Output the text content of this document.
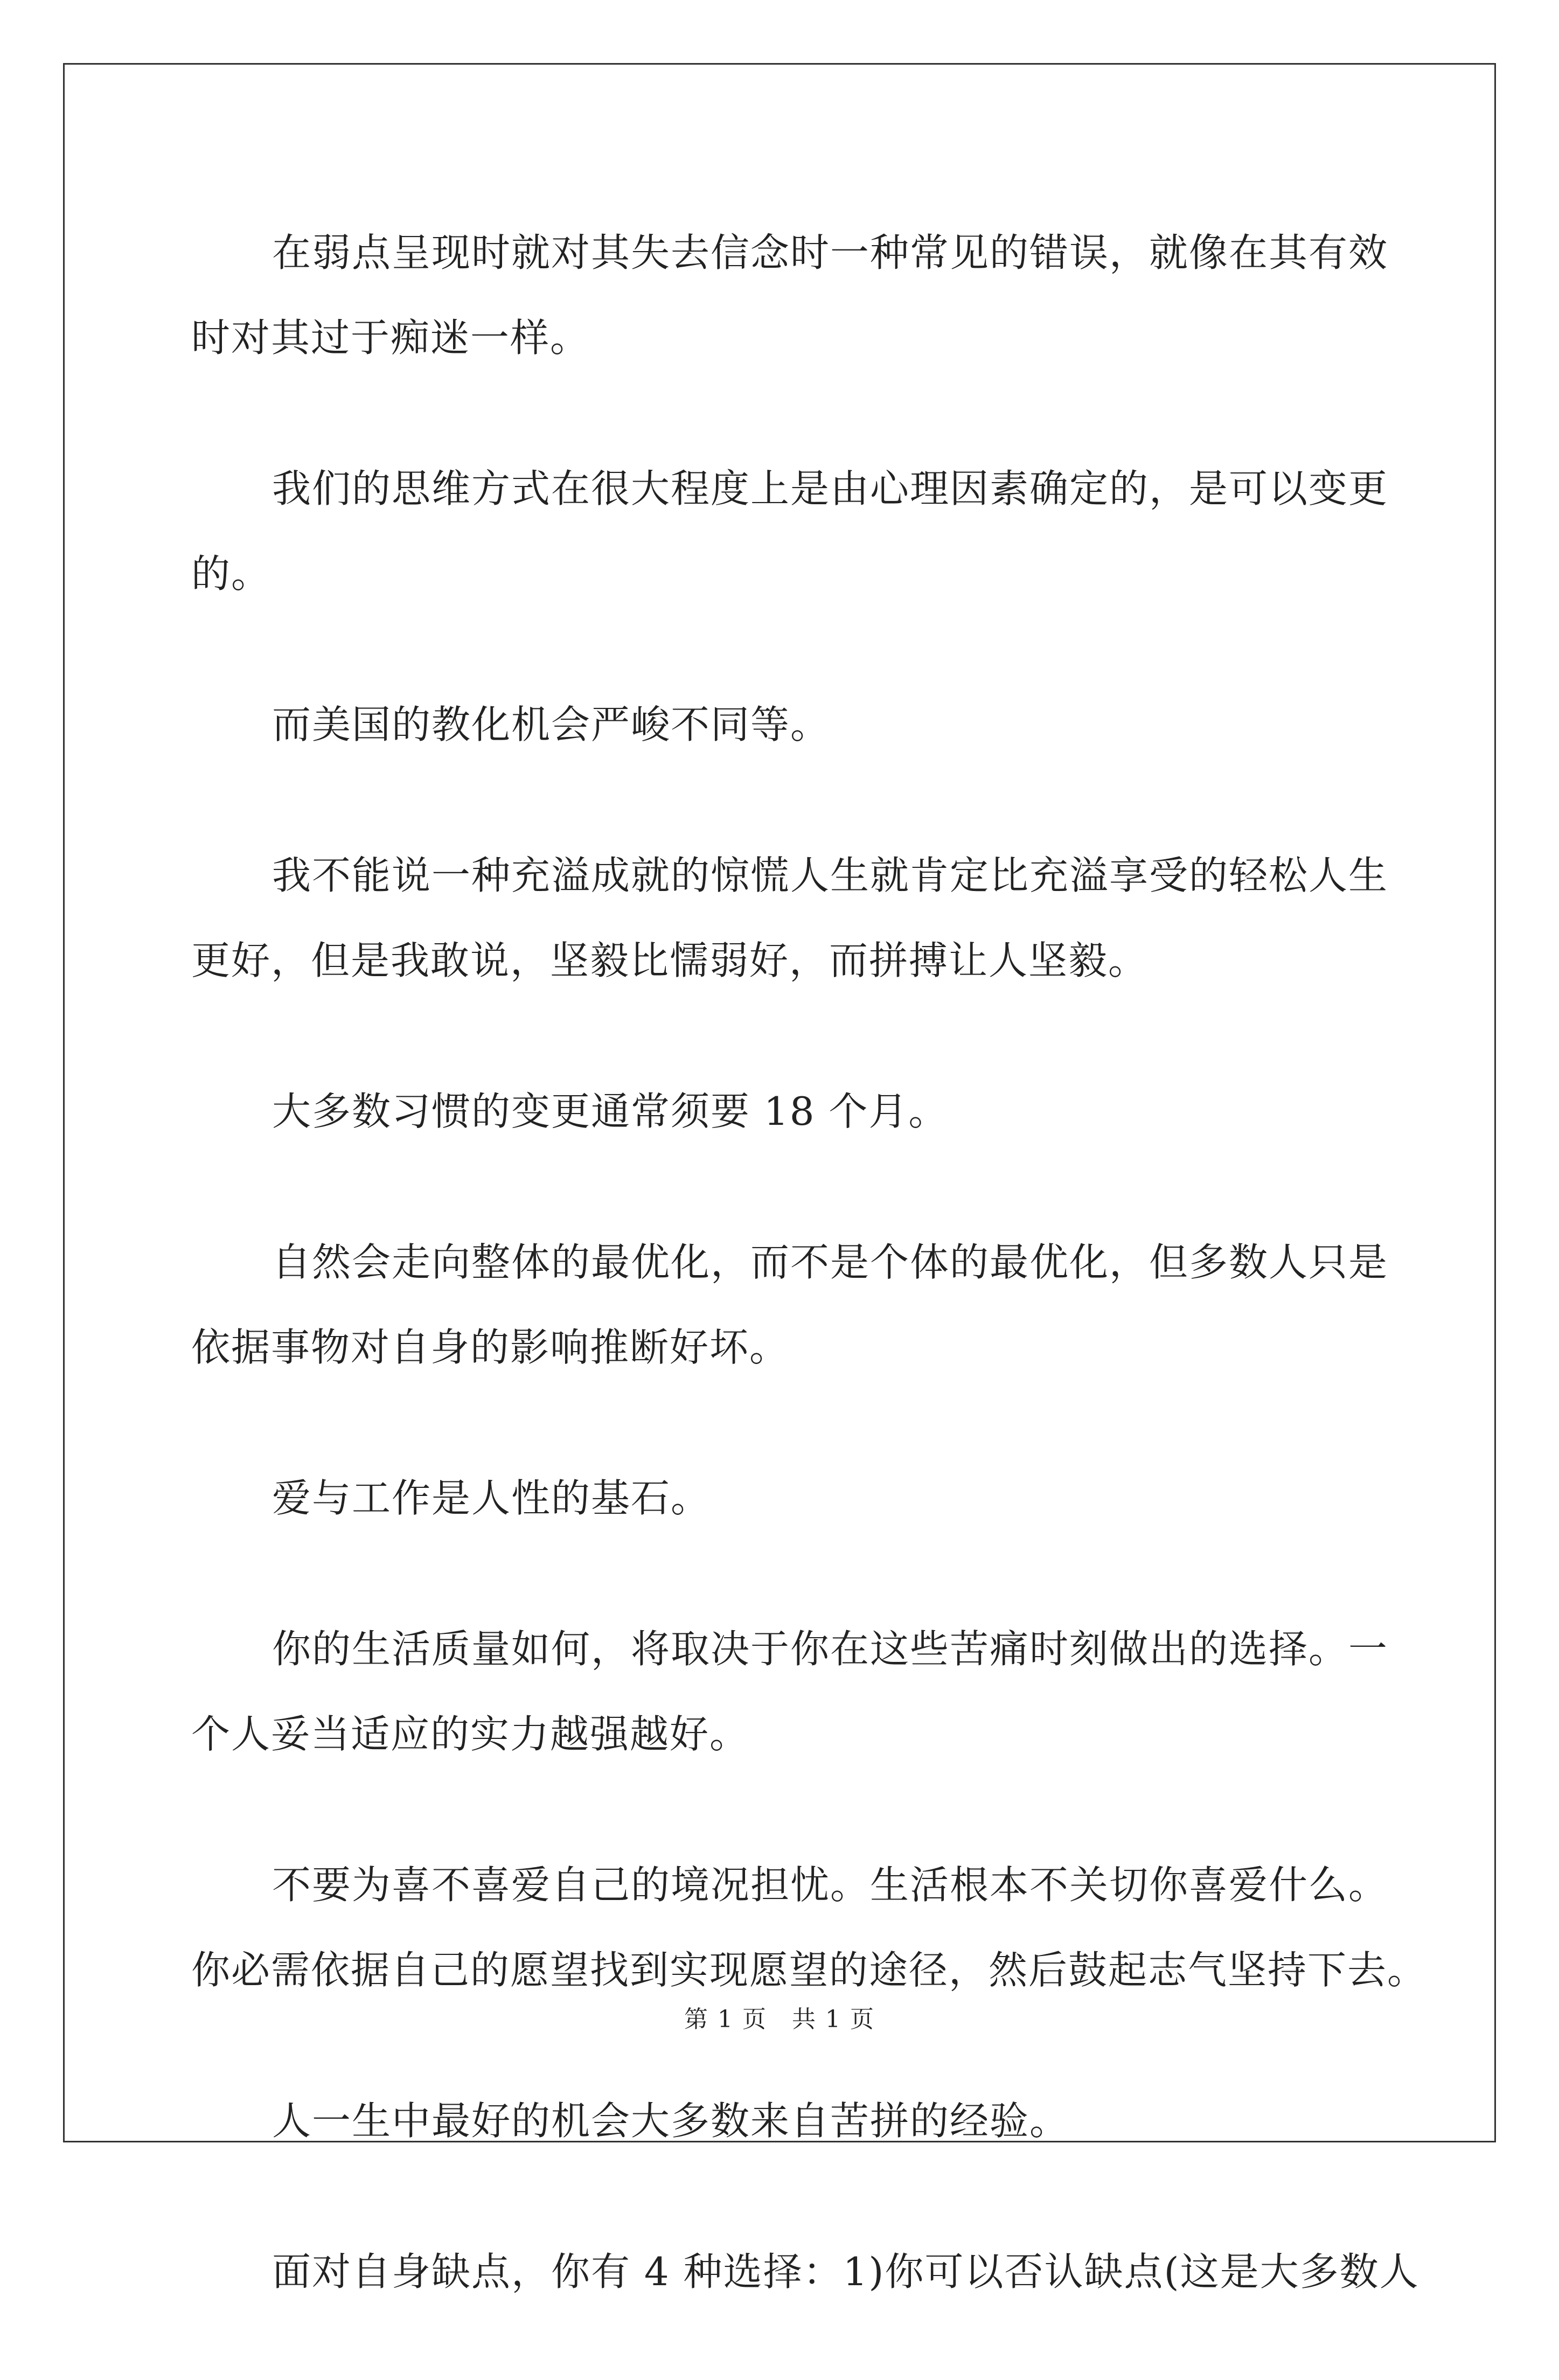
在弱点呈现时就对其失去信念时一种常见的错误，就像在其有效
时对其过于痴迷一样。

我们的思维方式在很大程度上是由心理因素确定的，是可以变更
的。

而美国的教化机会严峻不同等。

我不能说一种充溢成就的惊慌人生就肯定比充溢享受的轻松人生
更好，但是我敢说，坚毅比懦弱好，而拼搏让人坚毅。

大多数习惯的变更通常须要 18 个月。

自然会走向整体的最优化，而不是个体的最优化，但多数人只是
依据事物对自身的影响推断好坏。

爱与工作是人性的基石。

你的生活质量如何，将取决于你在这些苦痛时刻做出的选择。一
个人妥当适应的实力越强越好。

不要为喜不喜爱自己的境况担忧。生活根本不关切你喜爱什么。
你必需依据自己的愿望找到实现愿望的途径，然后鼓起志气坚持下去。

人一生中最好的机会大多数来自苦拼的经验。

面对自身缺点，你有 4 种选择：1)你可以否认缺点(这是大多数人

第 1 页　共 1 页
